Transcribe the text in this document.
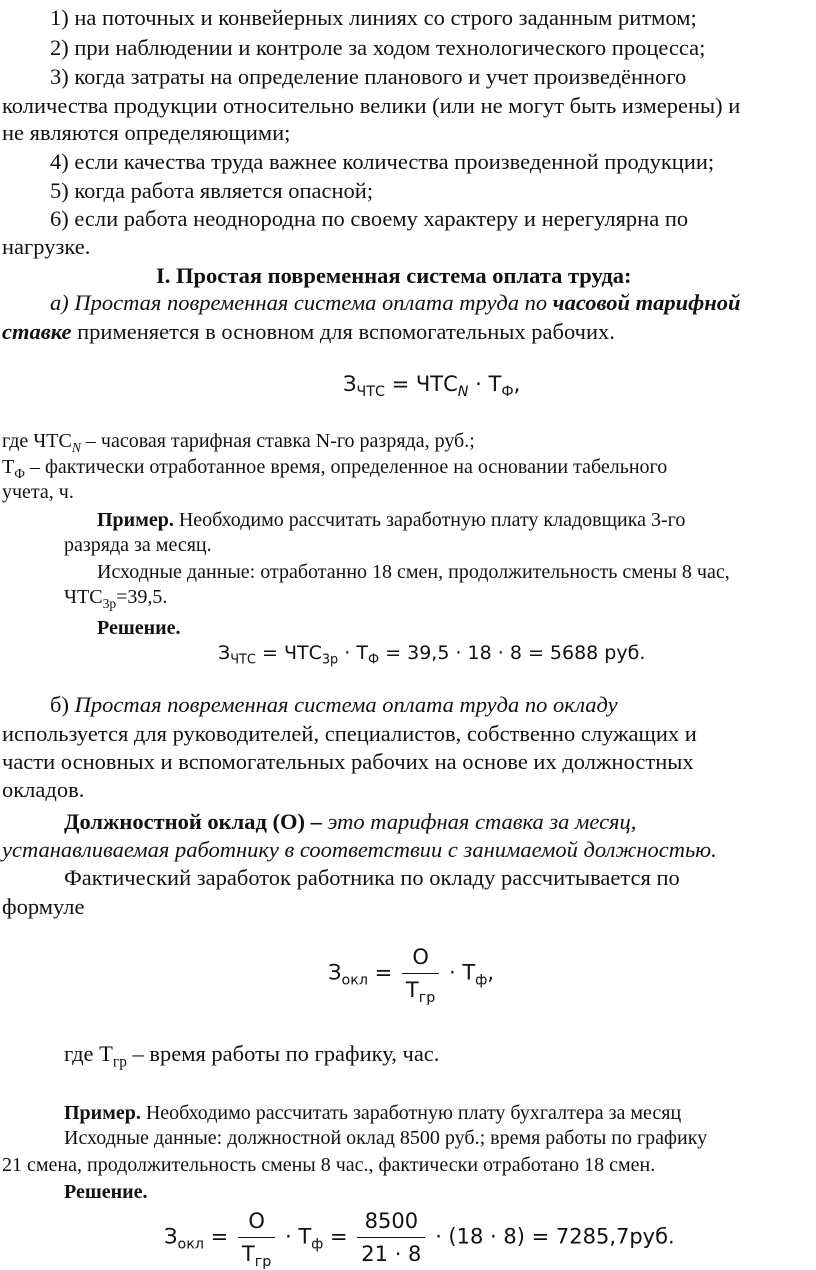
1) на поточных и конвейерных линиях со строго заданным ритмом;
2) при наблюдении и контроле за ходом технологического процесса;
3) когда затраты на определение планового и учет произведённого
количества продукции относительно велики (или не могут быть измерены) и
не являются определяющими;
4) если качества труда важнее количества произведенной продукции;
5) когда работа является опасной;
6) если работа неоднородна по своему характеру и нерегулярна по
нагрузке.
I. Простая повременная система оплата труда:
а) Простая повременная система оплата труда по часовой тарифной
ставке применяется в основном для вспомогательных рабочих.
$З_{ЧТС} = ЧТС_N \cdot Т_Ф$,
где $ЧТС_N$ – часовая тарифная ставка N-го разряда, руб.;
$Т_Ф$ – фактически отработанное время, определенное на основании табельного
учета, ч.
Пример. Необходимо рассчитать заработную плату кладовщика 3-го
разряда за месяц.
Исходные данные: отработанно 18 смен, продолжительность смены 8 час,
$ЧТС_{3р}=39,5$.
Решение.
$З_{ЧТС} = ЧТС_{3р} \cdot Т_Ф = 39,5 \cdot 18 \cdot 8 = 5688$ руб.
б) Простая повременная система оплата труда по окладу
используется для руководителей, специалистов, собственно служащих и
части основных и вспомогательных рабочих на основе их должностных
окладов.
Должностной оклад (О) – это тарифная ставка за месяц,
устанавливаемая работнику в соответствии с занимаемой должностью.
Фактический заработок работника по окладу рассчитывается по
формуле
$З_{окл} = \frac{О}{Т_{гр}} \cdot Т_ф$,
где $Т_{гр}$ – время работы по графику, час.
Пример. Необходимо рассчитать заработную плату бухгалтера за месяц
Исходные данные: должностной оклад 8500 руб.; время работы по графику
21 смена, продолжительность смены 8 час., фактически отработано 18 смен.
Решение.
$З_{окл} = \frac{О}{Т_{гр}} \cdot Т_ф = \frac{8500}{21 \cdot 8} \cdot (18 \cdot 8) = 7285,7руб$.
